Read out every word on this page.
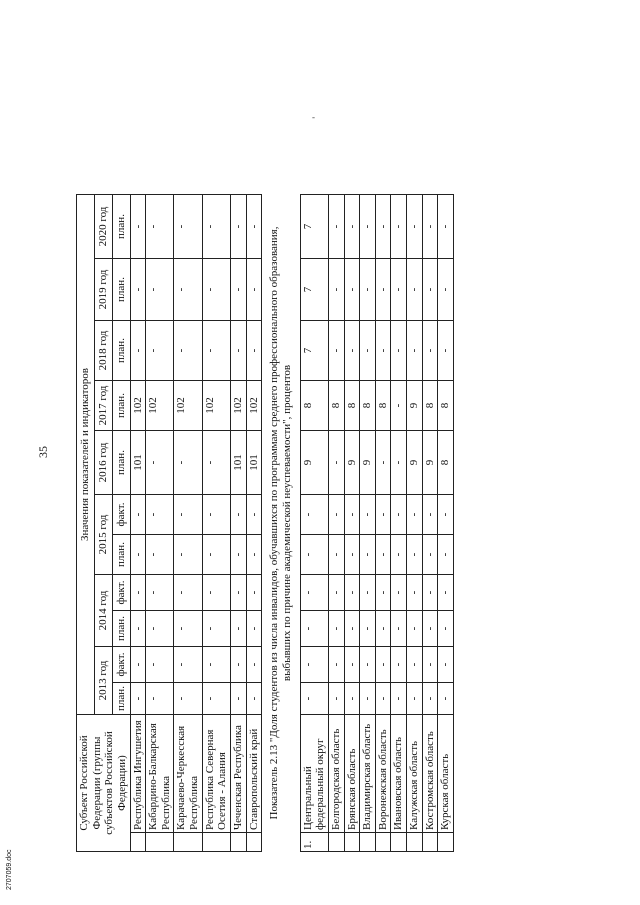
35
Субъект Российской Федерации (группы субъектов Российской Федерации)		Значения показателей и индикаторов										
		2013 год		2014 год		2015 год		2016 год	2017 год	2018 год	2019 год	2020 год
		план.	факт.	план.	факт.	план.	факт.	план.	план.	план.	план.	план.
	Республика Ингушетия	-	-	-	-	-	-	101	102	-	-	-
	Кабардино-Балкарская Республика	-	-	-	-	-	-	-	102	-	-	-
	Карачаево-Черкесская Республика	-	-	-	-	-	-	-	102	-	-	-
	Республика Северная Осетия - Алания	-	-	-	-	-	-	-	102	-	-	-
	Чеченская Республика	-	-	-	-	-	-	101	102	-	-	-
	Ставропольский край	-	-	-	-	-	-	101	102	-	-	-
Показатель 2.13 "Доля студентов из числа инвалидов, обучавшихся по программам среднего профессионального образования, выбывших по причине академической неуспеваемости", процентов												
1.	Центральный федеральный округ	-	-	-	-	-	-	9	8	7	7	7
	Белгородская область	-	-	-	-	-	-	-	8	-	-	-
	Брянская область	-	-	-	-	-	-	9	8	-	-	-
	Владимирская область	-	-	-	-	-	-	9	8	-	-	-
	Воронежская область	-	-	-	-	-	-	-	8	-	-	-
	Ивановская область	-	-	-	-	-	-	-	-	-	-	-
	Калужская область	-	-	-	-	-	-	9	9	-	-	-
	Костромская область	-	-	-	-	-	-	9	8	-	-	-
	Курская область	-	-	-	-	-	-	8	8	-	-	-
2707059.doc
-
